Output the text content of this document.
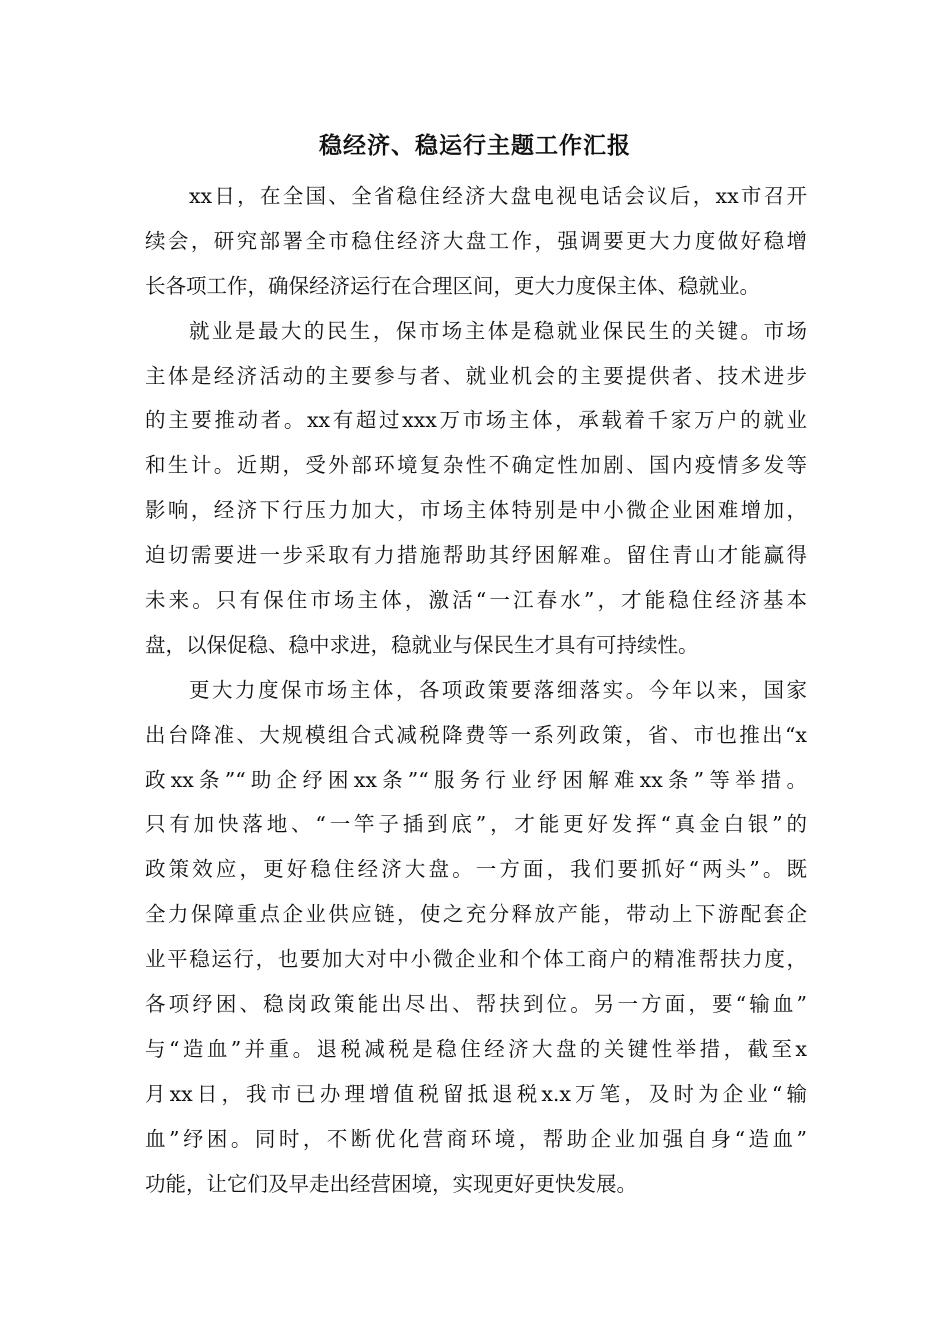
稳经济、稳运行主题工作汇报
xx日，在全国、全省稳住经济大盘电视电话会议后，xx市召开
续会，研究部署全市稳住经济大盘工作，强调要更大力度做好稳增
长各项工作，确保经济运行在合理区间，更大力度保主体、稳就业。
就业是最大的民生，保市场主体是稳就业保民生的关键。市场
主体是经济活动的主要参与者、就业机会的主要提供者、技术进步
的主要推动者。xx有超过xxx万市场主体，承载着千家万户的就业
和生计。近期，受外部环境复杂性不确定性加剧、国内疫情多发等
影响，经济下行压力加大，市场主体特别是中小微企业困难增加，
迫切需要进一步采取有力措施帮助其纾困解难。留住青山才能赢得
未来。只有保住市场主体，激活“一江春水”，才能稳住经济基本
盘，以保促稳、稳中求进，稳就业与保民生才具有可持续性。
更大力度保市场主体，各项政策要落细落实。今年以来，国家
出台降准、大规模组合式减税降费等一系列政策，省、市也推出“x
政xx条”“助企纾困xx条”“服务行业纾困解难xx条”等举措。
只有加快落地、“一竿子插到底”，才能更好发挥“真金白银”的
政策效应，更好稳住经济大盘。一方面，我们要抓好“两头”。既
全力保障重点企业供应链，使之充分释放产能，带动上下游配套企
业平稳运行，也要加大对中小微企业和个体工商户的精准帮扶力度，
各项纾困、稳岗政策能出尽出、帮扶到位。另一方面，要“输血”
与“造血”并重。退税减税是稳住经济大盘的关键性举措，截至x
月xx日，我市已办理增值税留抵退税x.x万笔，及时为企业“输
血”纾困。同时，不断优化营商环境，帮助企业加强自身“造血”
功能，让它们及早走出经营困境，实现更好更快发展。
